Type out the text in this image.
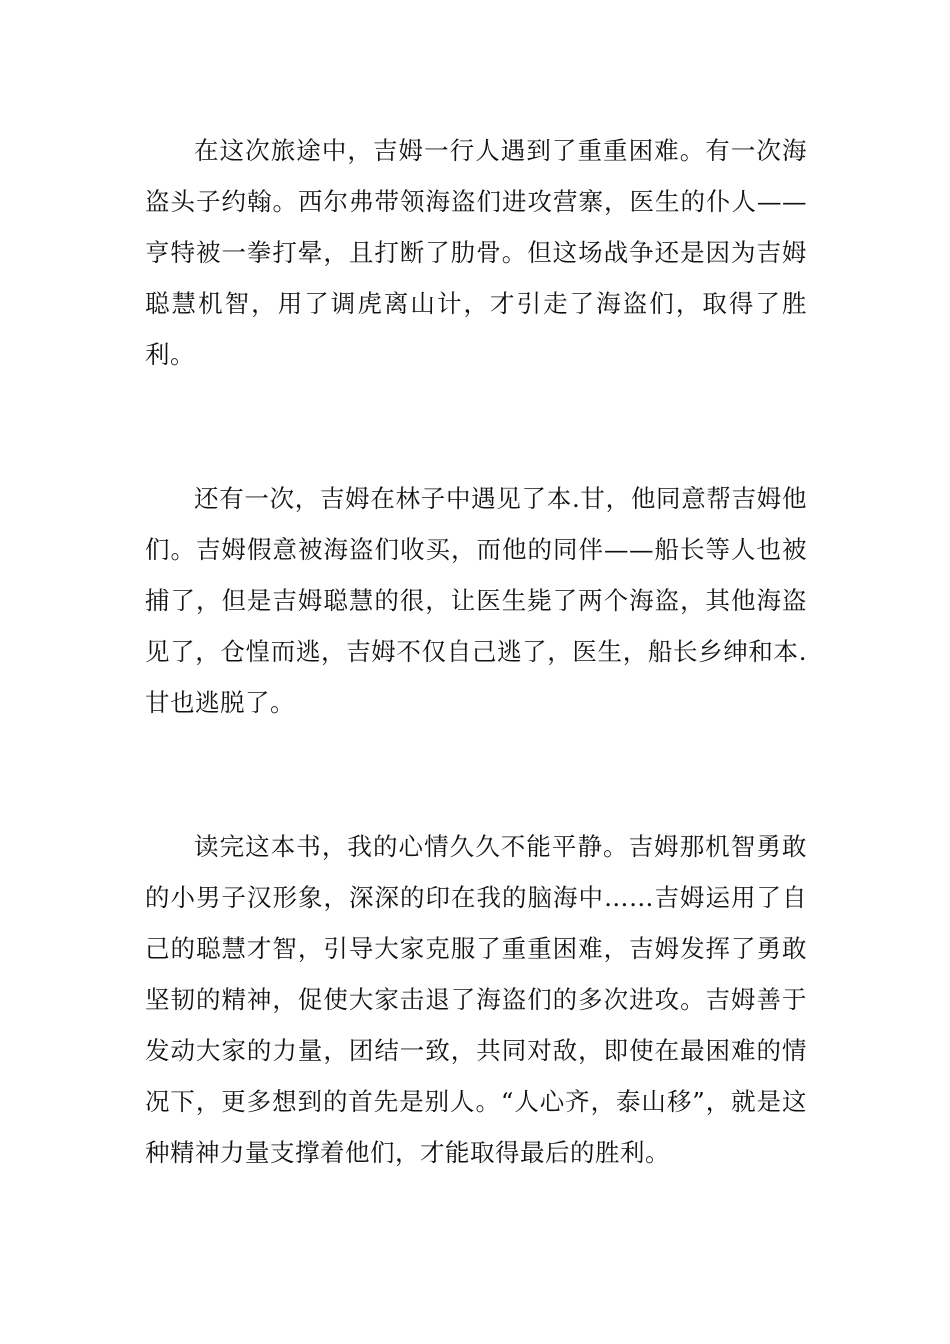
在这次旅途中，吉姆一行人遇到了重重困难。有一次海盗头子约翰。西尔弗带领海盗们进攻营寨，医生的仆人——亨特被一拳打晕，且打断了肋骨。但这场战争还是因为吉姆聪慧机智，用了调虎离山计，才引走了海盗们，取得了胜利。

还有一次，吉姆在林子中遇见了本.甘，他同意帮吉姆他们。吉姆假意被海盗们收买，而他的同伴——船长等人也被捕了，但是吉姆聪慧的很，让医生毙了两个海盗，其他海盗见了，仓惶而逃，吉姆不仅自己逃了，医生，船长乡绅和本.甘也逃脱了。

读完这本书，我的心情久久不能平静。吉姆那机智勇敢的小男子汉形象，深深的印在我的脑海中……吉姆运用了自己的聪慧才智，引导大家克服了重重困难，吉姆发挥了勇敢坚韧的精神，促使大家击退了海盗们的多次进攻。吉姆善于发动大家的力量，团结一致，共同对敌，即使在最困难的情况下，更多想到的首先是别人。“人心齐，泰山移”，就是这种精神力量支撑着他们，才能取得最后的胜利。
